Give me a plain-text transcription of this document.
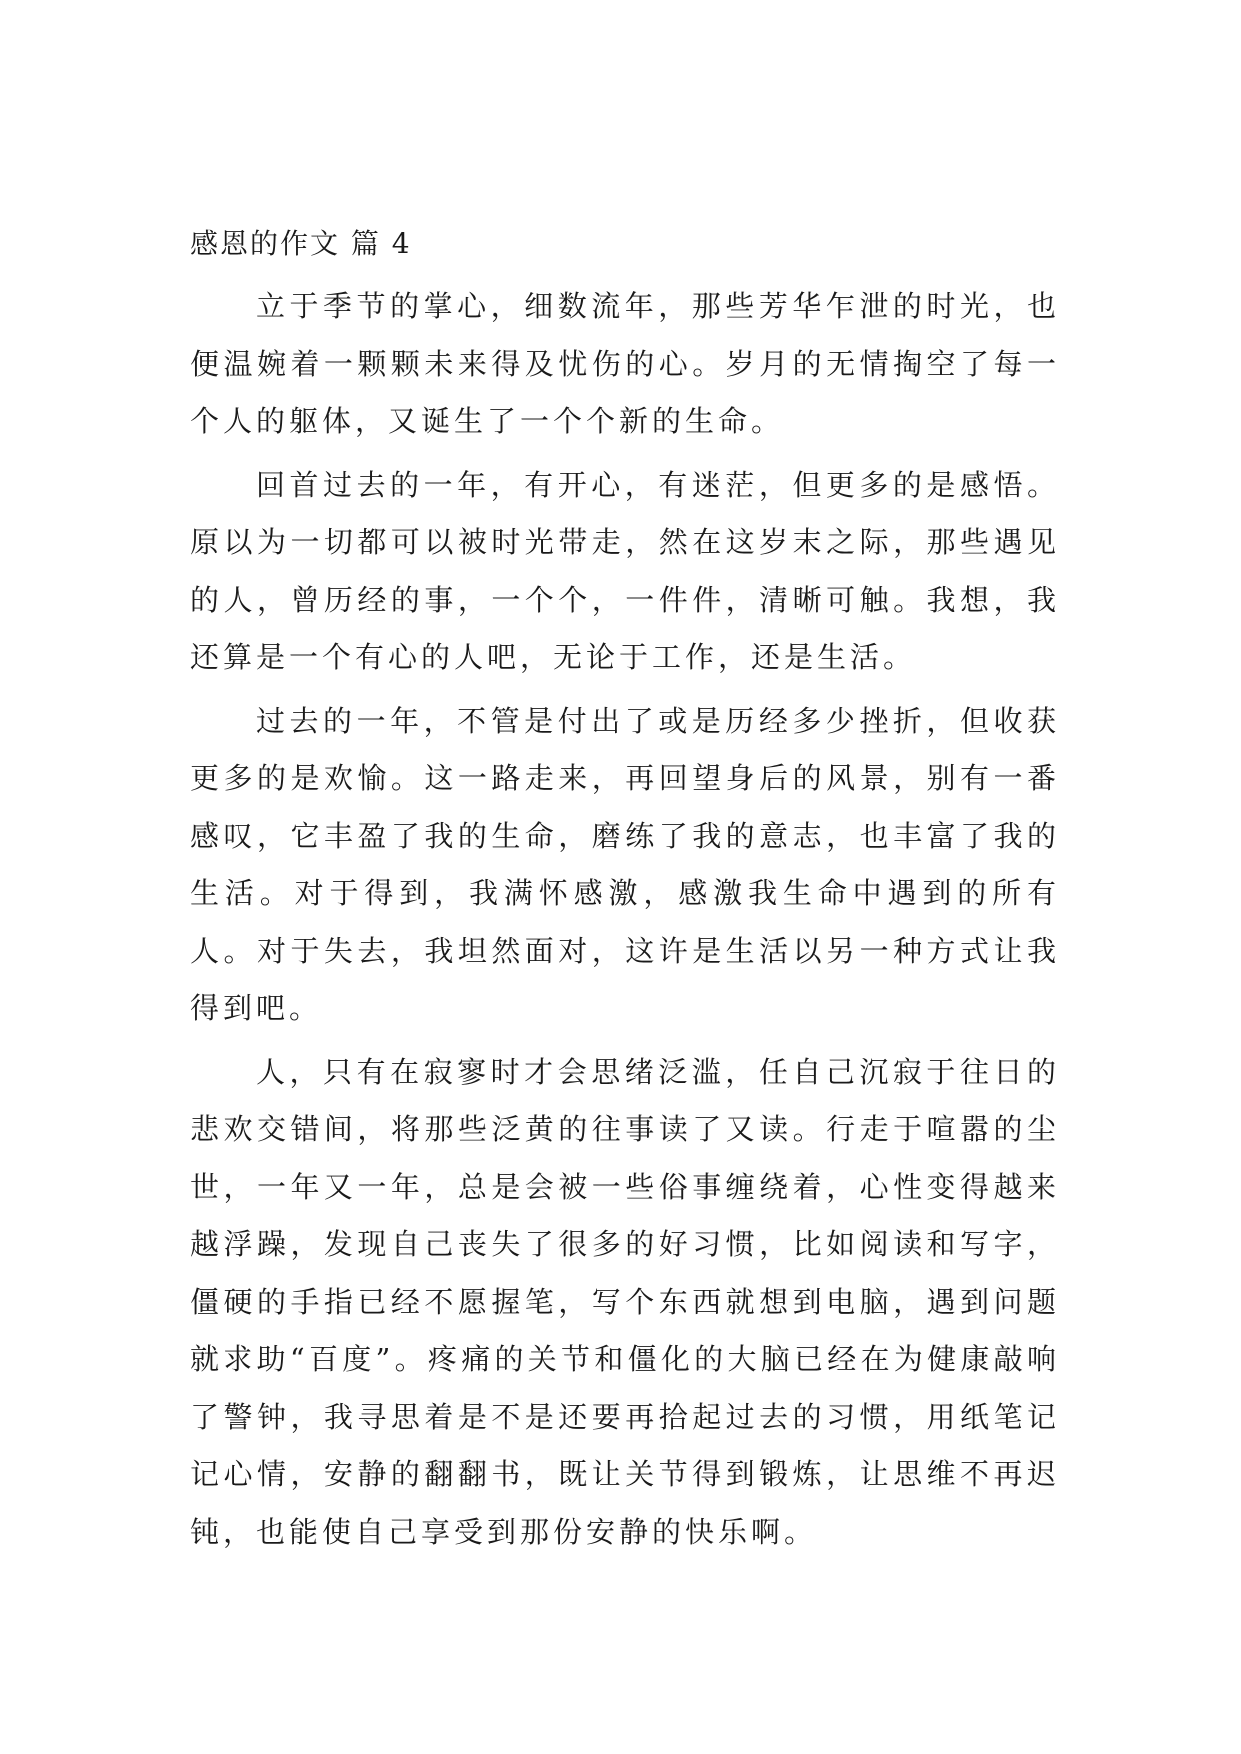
感恩的作文 篇 4

立于季节的掌心，细数流年，那些芳华乍泄的时光，也便温婉着一颗颗未来得及忧伤的心。岁月的无情掏空了每一个人的躯体，又诞生了一个个新的生命。

回首过去的一年，有开心，有迷茫，但更多的是感悟。原以为一切都可以被时光带走，然在这岁末之际，那些遇见的人，曾历经的事，一个个，一件件，清晰可触。我想，我还算是一个有心的人吧，无论于工作，还是生活。

过去的一年，不管是付出了或是历经多少挫折，但收获更多的是欢愉。这一路走来，再回望身后的风景，别有一番感叹，它丰盈了我的生命，磨练了我的意志，也丰富了我的生活。对于得到，我满怀感激，感激我生命中遇到的所有人。对于失去，我坦然面对，这许是生活以另一种方式让我得到吧。

人，只有在寂寥时才会思绪泛滥，任自己沉寂于往日的悲欢交错间，将那些泛黄的往事读了又读。行走于喧嚣的尘世，一年又一年，总是会被一些俗事缠绕着，心性变得越来越浮躁，发现自己丧失了很多的好习惯，比如阅读和写字，僵硬的手指已经不愿握笔，写个东西就想到电脑，遇到问题就求助“百度”。疼痛的关节和僵化的大脑已经在为健康敲响了警钟，我寻思着是不是还要再拾起过去的习惯，用纸笔记记心情，安静的翻翻书，既让关节得到锻炼，让思维不再迟钝，也能使自己享受到那份安静的快乐啊。
